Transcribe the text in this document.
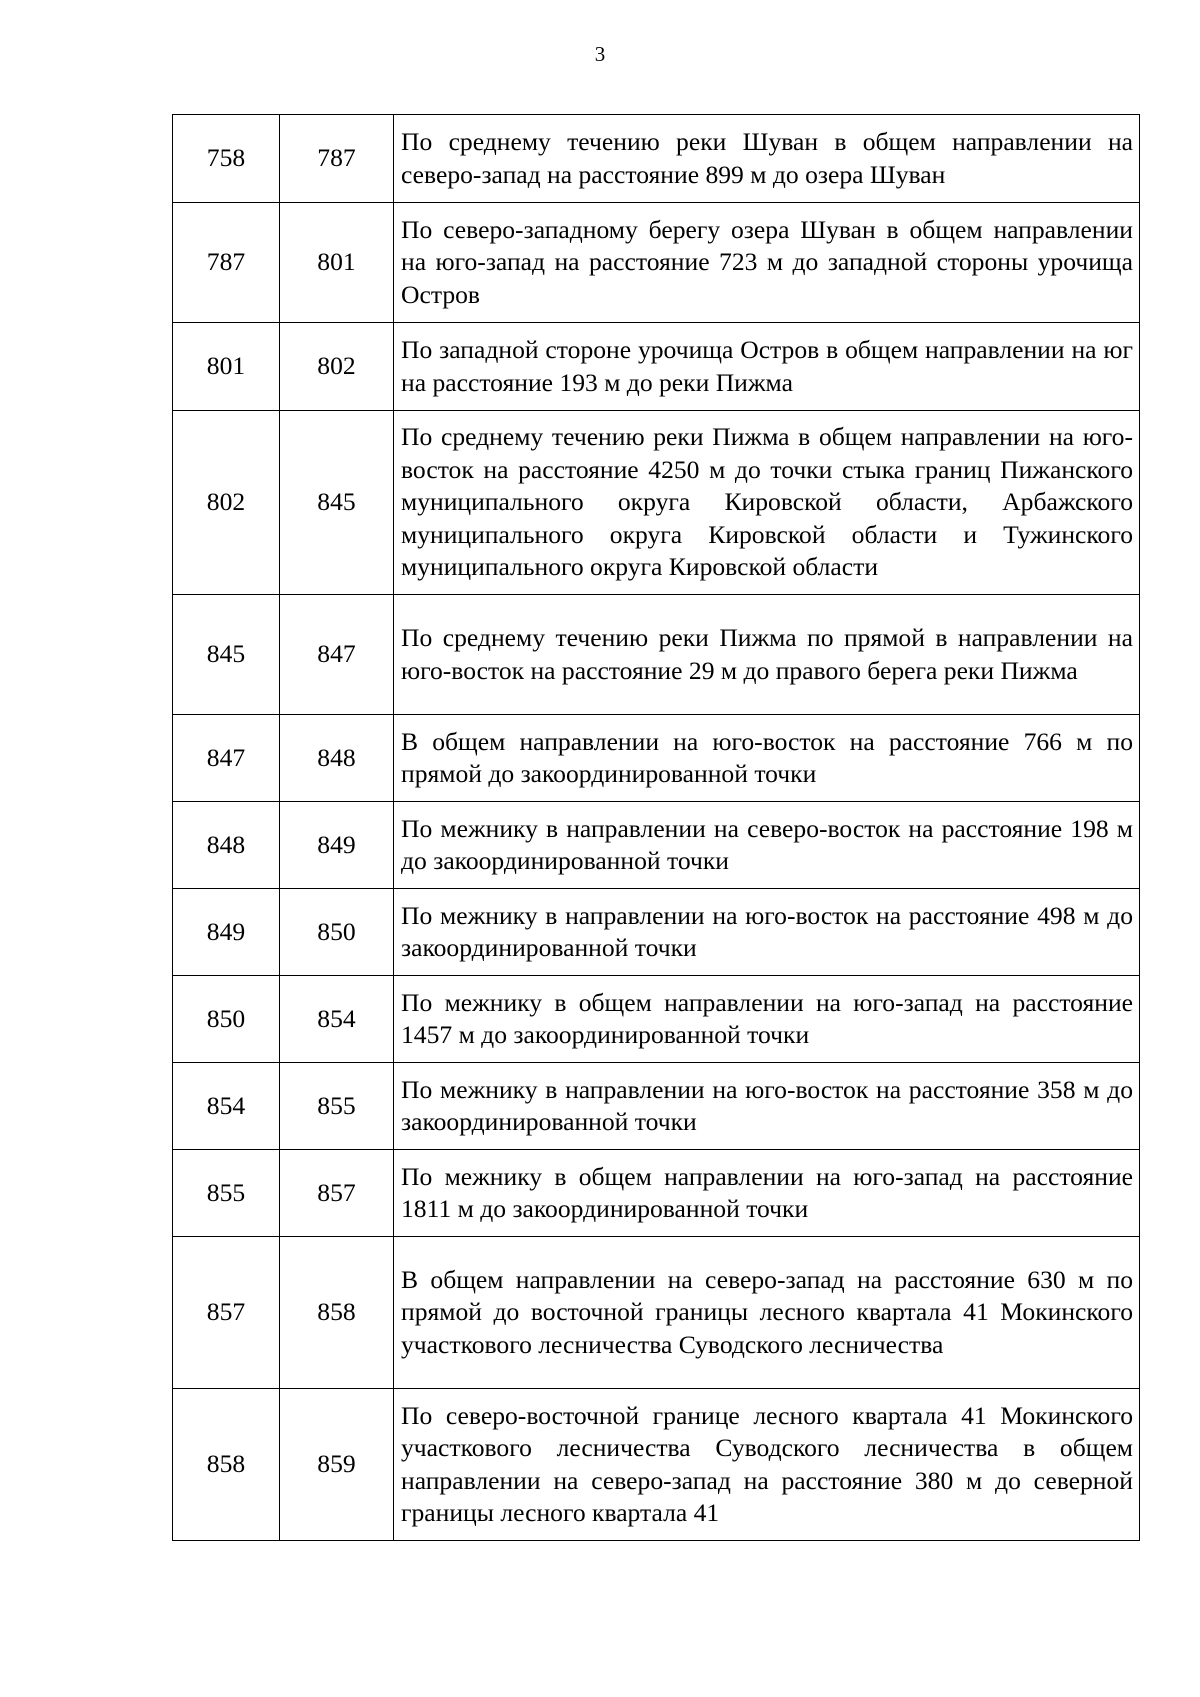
3
758	787	По среднему течению реки Шуван в общем направлении на северо-запад на расстояние 899 м до озера Шуван
787	801	По северо-западному берегу озера Шуван в общем направлении на юго-запад на расстояние 723 м до западной стороны урочища Остров
801	802	По западной стороне урочища Остров в общем направлении на юг на расстояние 193 м до реки Пижма
802	845	По среднему течению реки Пижма в общем направлении на юго-восток на расстояние 4250 м до точки стыка границ Пижанского муниципального округа Кировской области, Арбажского муниципального округа Кировской области и Тужинского муниципального округа Кировской области
845	847	По среднему течению реки Пижма по прямой в направлении на юго-восток на расстояние 29 м до правого берега реки Пижма
847	848	В общем направлении на юго-восток на расстояние 766 м по прямой до закоординированной точки
848	849	По межнику в направлении на северо-восток на расстояние 198 м до закоординированной точки
849	850	По межнику в направлении на юго-восток на расстояние 498 м до закоординированной точки
850	854	По межнику в общем направлении на юго-запад на расстояние 1457 м до закоординированной точки
854	855	По межнику в направлении на юго-восток на расстояние 358 м до закоординированной точки
855	857	По межнику в общем направлении на юго-запад на расстояние 1811 м до закоординированной точки
857	858	В общем направлении на северо-запад на расстояние 630 м по прямой до восточной границы лесного квартала 41 Мокинского участкового лесничества Суводского лесничества
858	859	По северо-восточной границе лесного квартала 41 Мокинского участкового лесничества Суводского лесничества в общем направлении на северо-запад на расстояние 380 м до северной границы лесного квартала 41
